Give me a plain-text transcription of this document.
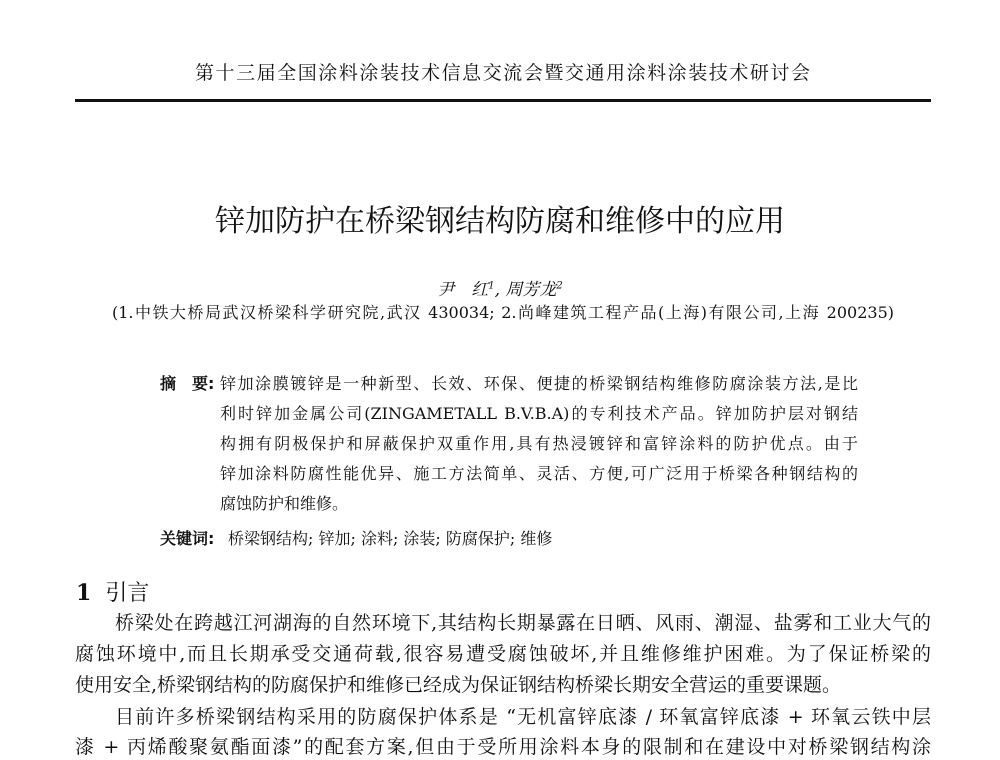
第十三届全国涂料涂装技术信息交流会暨交通用涂料涂装技术研讨会
锌加防护在桥梁钢结构防腐和维修中的应用
尹　红$^1$, 周芳龙$^2$
(1.中铁大桥局武汉桥梁科学研究院,武汉 430034; 2.尚峰建筑工程产品(上海)有限公司,上海 200235)
摘　要: 锌加涂膜镀锌是一种新型、长效、环保、便捷的桥梁钢结构维修防腐涂装方法,是比
利时锌加金属公司(ZINGAMETALL B.V.B.A)的专利技术产品。锌加防护层对钢结
构拥有阴极保护和屏蔽保护双重作用,具有热浸镀锌和富锌涂料的防护优点。由于
锌加涂料防腐性能优异、施工方法简单、灵活、方便,可广泛用于桥梁各种钢结构的
腐蚀防护和维修。
关键词: 桥梁钢结构; 锌加; 涂料; 涂装; 防腐保护; 维修
1 引言
桥梁处在跨越江河湖海的自然环境下,其结构长期暴露在日晒、风雨、潮湿、盐雾和工业大气的
腐蚀环境中,而且长期承受交通荷载,很容易遭受腐蚀破坏,并且维修维护困难。为了保证桥梁的
使用安全,桥梁钢结构的防腐保护和维修已经成为保证钢结构桥梁长期安全营运的重要课题。
目前许多桥梁钢结构采用的防腐保护体系是 “无机富锌底漆 / 环氧富锌底漆 + 环氧云铁中层
漆 + 丙烯酸聚氨酯面漆”的配套方案,但由于受所用涂料本身的限制和在建设中对桥梁钢结构涂
